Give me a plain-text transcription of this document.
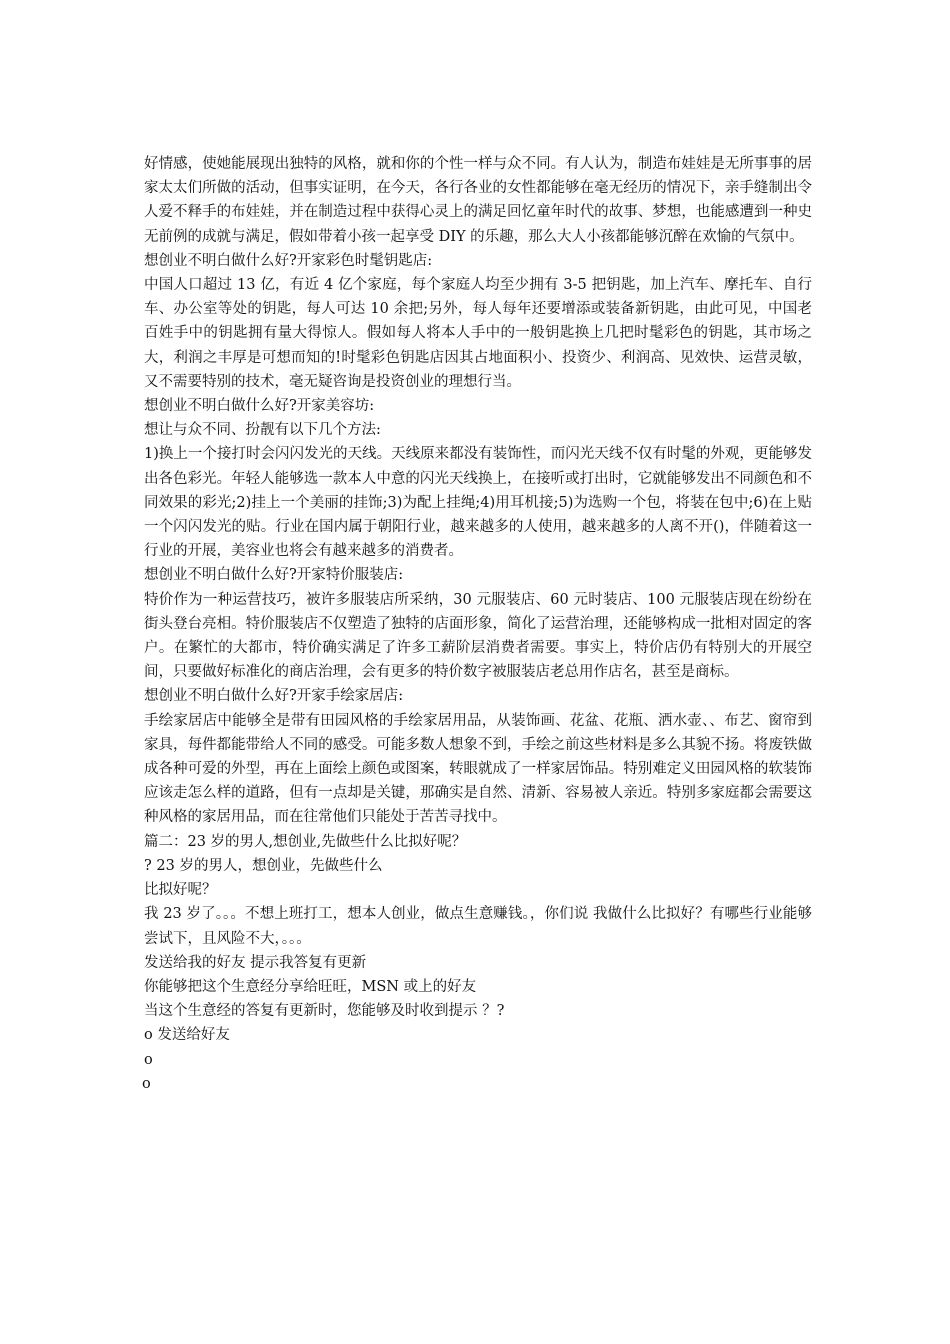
好情感，使她能展现出独特的风格，就和你的个性一样与众不同。有人认为，制造布娃娃是无所事事的居家太太们所做的活动，但事实证明，在今天，各行各业的女性都能够在毫无经历的情况下，亲手缝制出令人爱不释手的布娃娃，并在制造过程中获得心灵上的满足回忆童年时代的故事、梦想，也能感遭到一种史无前例的成就与满足，假如带着小孩一起享受 DIY 的乐趣，那么大人小孩都能够沉醉在欢愉的气氛中。

想创业不明白做什么好?开家彩色时髦钥匙店:

中国人口超过 13 亿，有近 4 亿个家庭，每个家庭人均至少拥有 3-5 把钥匙，加上汽车、摩托车、自行车、办公室等处的钥匙，每人可达 10 余把;另外，每人每年还要增添或装备新钥匙，由此可见，中国老百姓手中的钥匙拥有量大得惊人。假如每人将本人手中的一般钥匙换上几把时髦彩色的钥匙，其市场之大，利润之丰厚是可想而知的!时髦彩色钥匙店因其占地面积小、投资少、利润高、见效快、运营灵敏，又不需要特别的技术，毫无疑咨询是投资创业的理想行当。

想创业不明白做什么好?开家美容坊:

想让与众不同、扮靓有以下几个方法:

1)换上一个接打时会闪闪发光的天线。天线原来都没有装饰性，而闪光天线不仅有时髦的外观，更能够发出各色彩光。年轻人能够选一款本人中意的闪光天线换上，在接听或打出时，它就能够发出不同颜色和不同效果的彩光;2)挂上一个美丽的挂饰;3)为配上挂绳;4)用耳机接;5)为选购一个包，将装在包中;6)在上贴一个闪闪发光的贴。行业在国内属于朝阳行业，越来越多的人使用，越来越多的人离不开()，伴随着这一行业的开展，美容业也将会有越来越多的消费者。

想创业不明白做什么好?开家特价服装店:

特价作为一种运营技巧，被许多服装店所采纳，30 元服装店、60 元时装店、100 元服装店现在纷纷在街头登台亮相。特价服装店不仅塑造了独特的店面形象，简化了运营治理，还能够构成一批相对固定的客户。在繁忙的大都市，特价确实满足了许多工薪阶层消费者需要。事实上，特价店仍有特别大的开展空间，只要做好标准化的商店治理，会有更多的特价数字被服装店老总用作店名，甚至是商标。

想创业不明白做什么好?开家手绘家居店:

手绘家居店中能够全是带有田园风格的手绘家居用品，从装饰画、花盆、花瓶、洒水壶、、布艺、窗帘到家具，每件都能带给人不同的感受。可能多数人想象不到，手绘之前这些材料是多么其貌不扬。将废铁做成各种可爱的外型，再在上面绘上颜色或图案，转眼就成了一样家居饰品。特别难定义田园风格的软装饰应该走怎么样的道路，但有一点却是关键，那确实是自然、清新、容易被人亲近。特别多家庭都会需要这种风格的家居用品，而在往常他们只能处于苦苦寻找中。

篇二：23 岁的男人,想创业,先做些什么比拟好呢？

? 23 岁的男人，想创业，先做些什么

比拟好呢？

我 23 岁了。。。不想上班打工，想本人创业，做点生意赚钱。，你们说 我做什么比拟好？有哪些行业能够尝试下，且风险不大，。。。

发送给我的好友 提示我答复有更新

你能够把这个生意经分享给旺旺，MSN 或上的好友

当这个生意经的答复有更新时，您能够及时收到提示 ？?

o 发送给好友

o

o
